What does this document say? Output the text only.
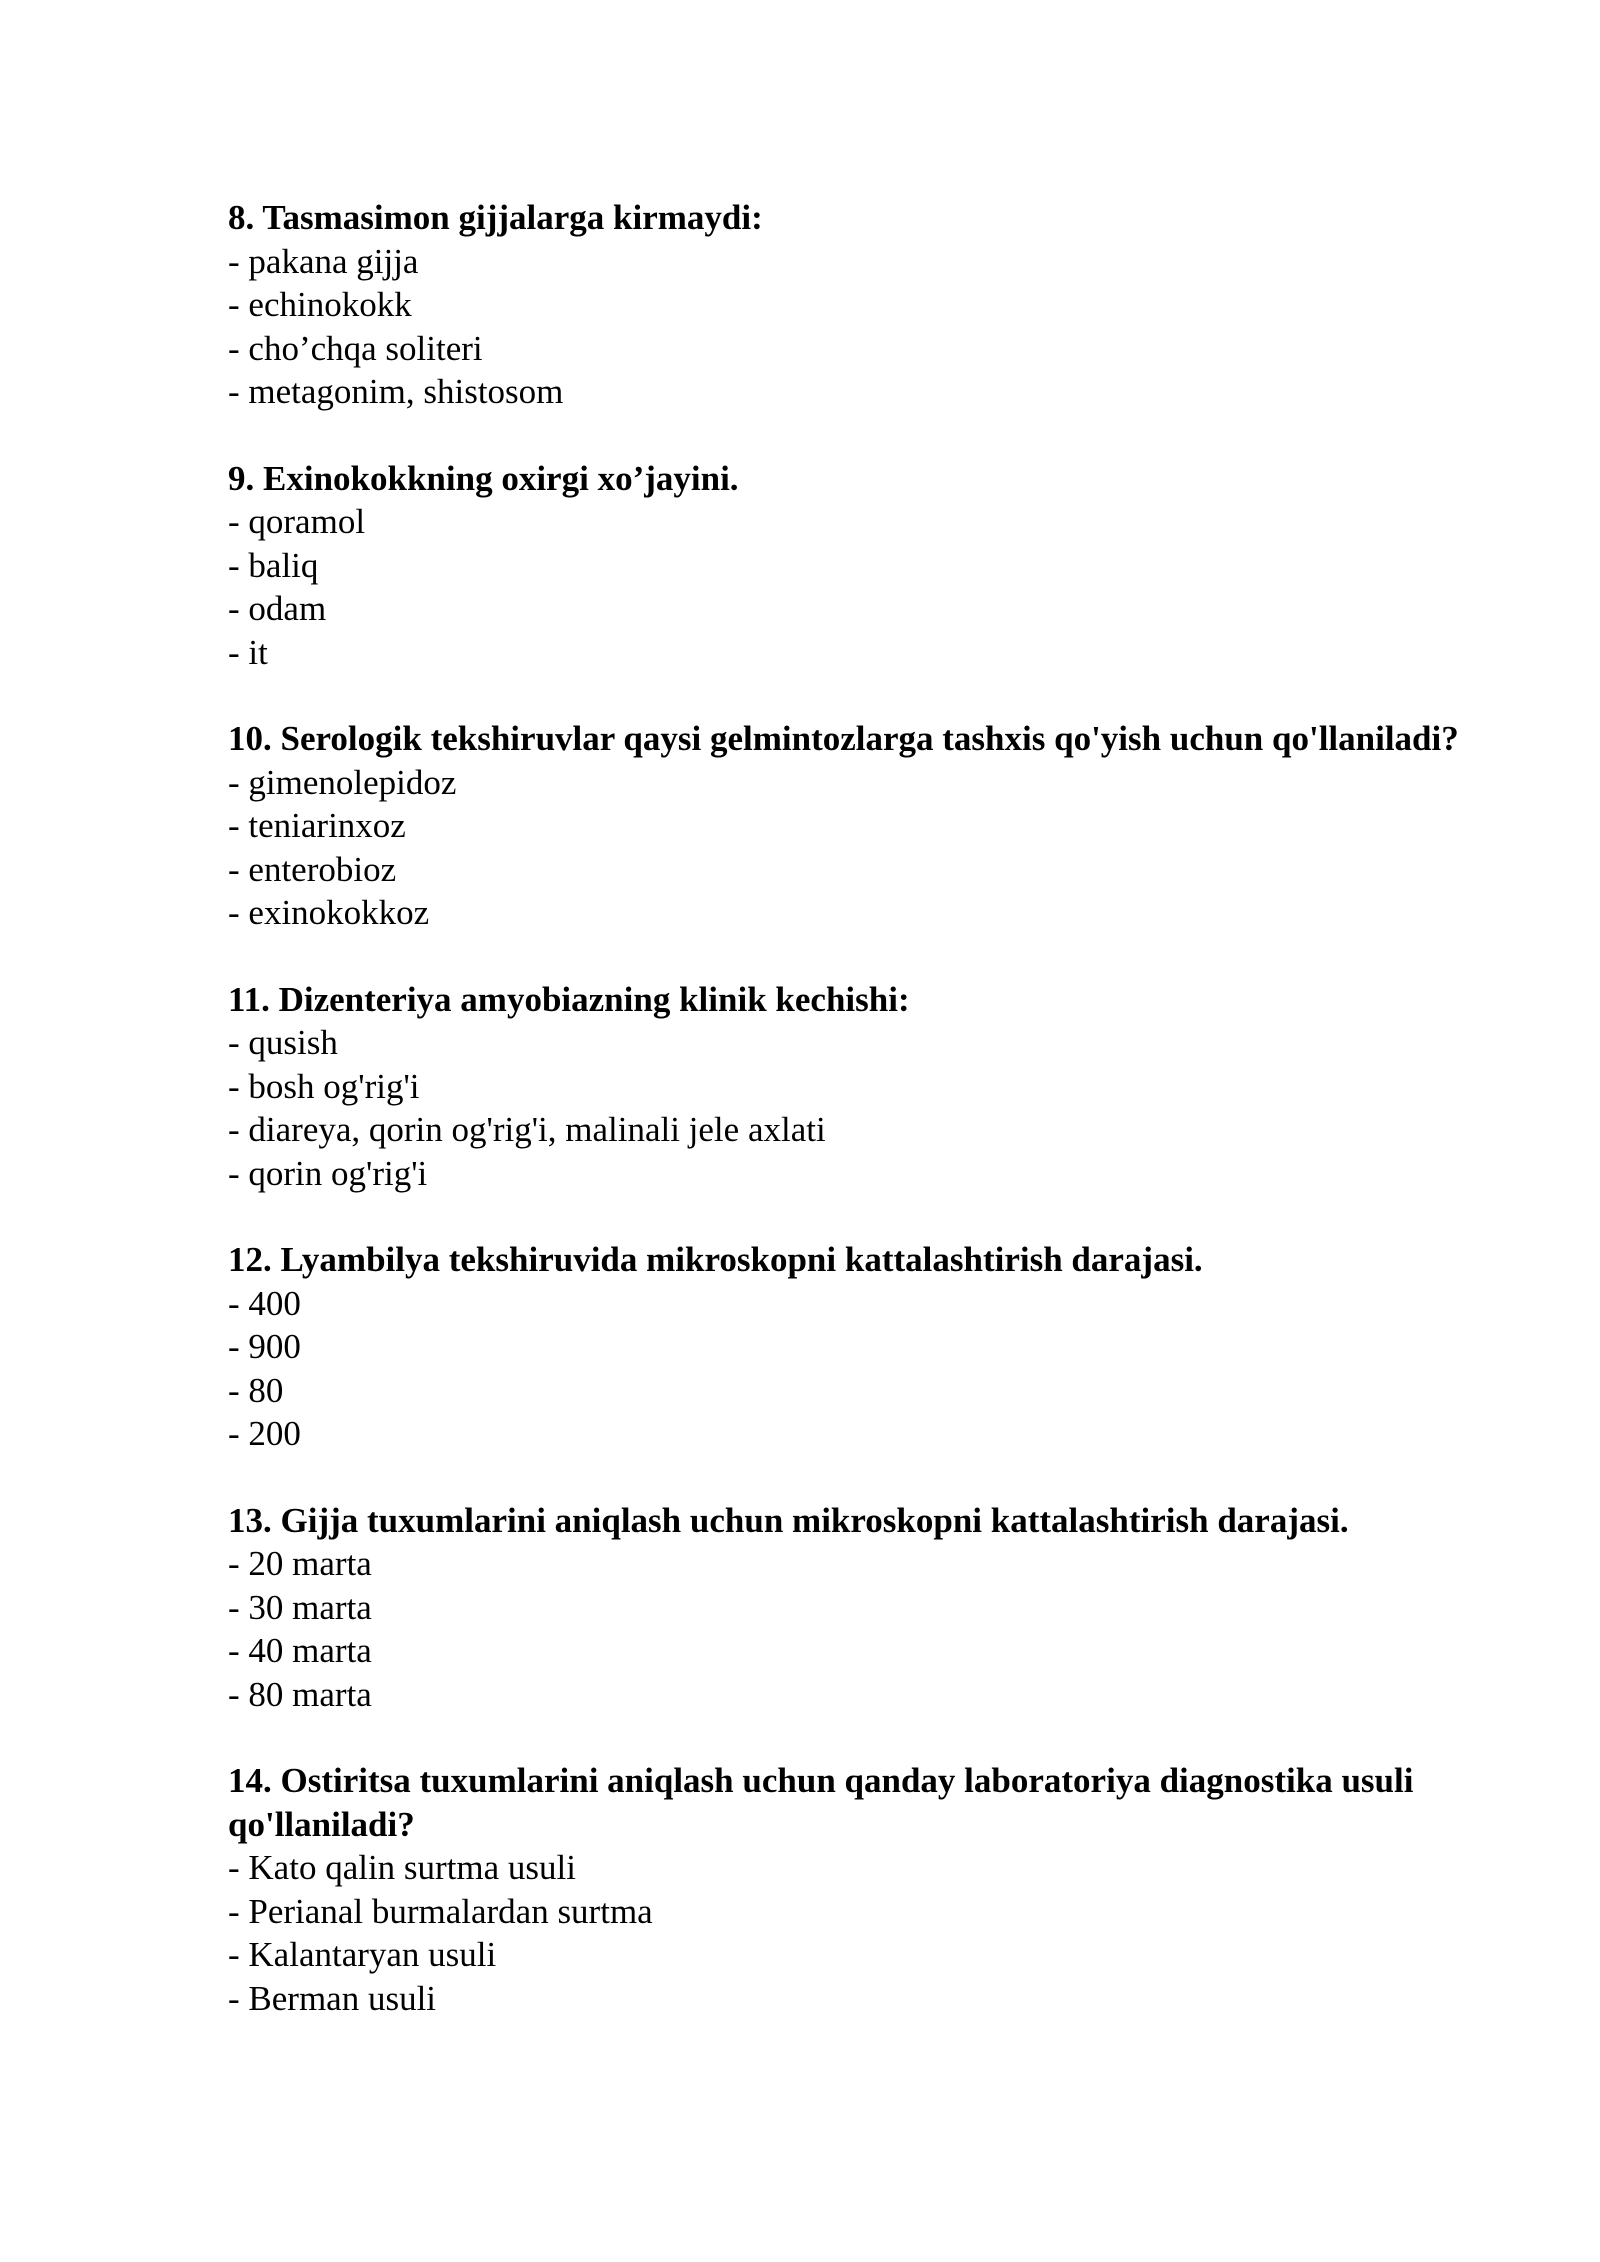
8. Tasmasimon gijjalarga kirmaydi:

- pakana gijja

- echinokokk

- cho’chqa soliteri

- metagonim, shistosom

9. Exinokokkning oxirgi xo’jayini.

- qoramol

- baliq

- odam

- it

10. Serologik tekshiruvlar qaysi gelmintozlarga tashxis qo'yish uchun qo'llaniladi?

- gimenolepidoz

- teniarinxoz

- enterobioz

- exinokokkoz

11. Dizenteriya amyobiazning klinik kechishi:

- qusish

- bosh og'rig'i

- diareya, qorin og'rig'i, malinali jele axlati

- qorin og'rig'i

12. Lyambilya tekshiruvida mikroskopni kattalashtirish darajasi.

- 400

- 900

- 80

- 200

13. Gijja tuxumlarini aniqlash uchun mikroskopni kattalashtirish darajasi.

- 20 marta

- 30 marta

- 40 marta

- 80 marta

14. Ostiritsa tuxumlarini aniqlash uchun qanday laboratoriya diagnostika usuli qo'llaniladi?

- Kato qalin surtma usuli

- Perianal burmalardan surtma

- Kalantaryan usuli

- Berman usuli
